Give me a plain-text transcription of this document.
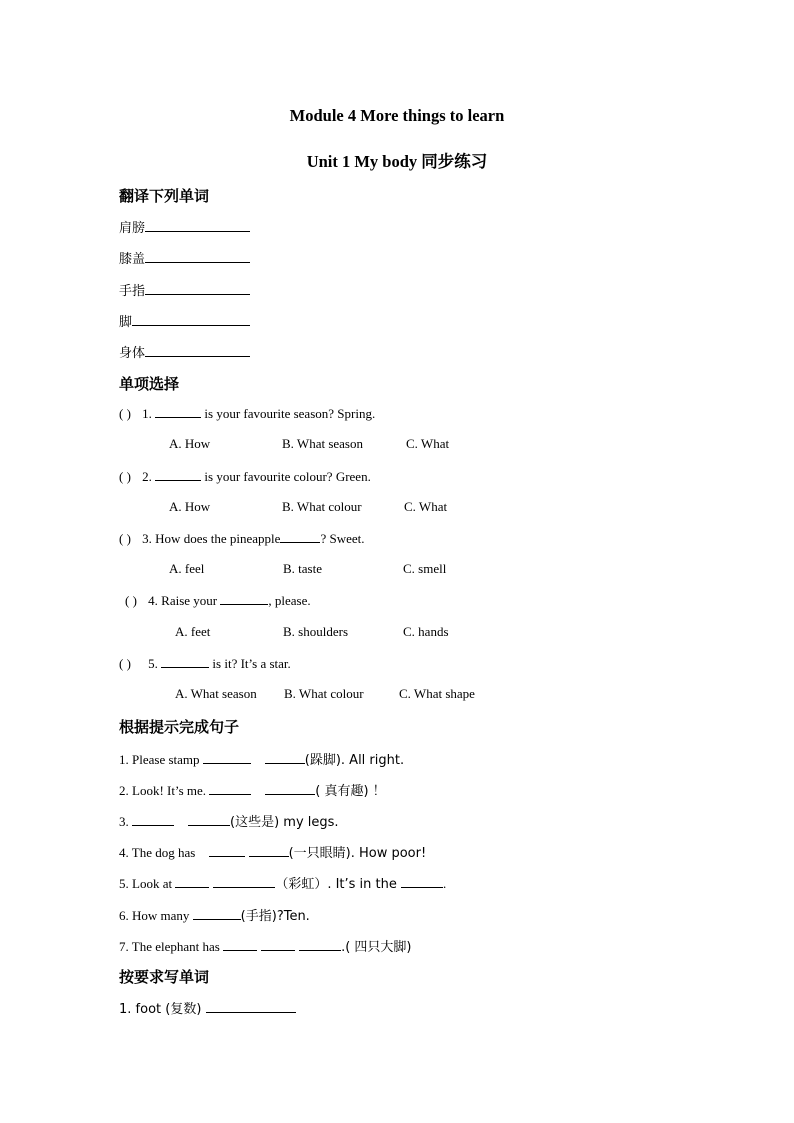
Module 4 More things to learn
Unit 1 My body 同步练习
翻译下列单词
肩膀
膝盖
手指
脚
身体
单项选择
( ) 1.	is your favourite season? Spring.
A. How	B. What season	C. What
( ) 2.	is your favourite colour? Green.
A. How	B. What colour	C. What
( ) 3. How does the pineapple	? Sweet.
A. feel	B. taste	C. smell
( ) 4. Raise your	, please.
A. feet	B. shoulders	C. hands
( ) 5.	is it? It’s a star.
A. What season B. What colour	C. What shape
根据提示完成句子
1. Please stamp	(跺脚). All right.
2. Look! It’s me.	( 真有趣) ！
3.	(这些是) my legs.
4. The dog has	(一只眼睛). How poor!
5. Look at	（彩虹）. It’s in the	.
6. How many	(手指)?Ten.
7. The elephant has	.( 四只大脚)
按要求写单词
1. foot (复数)
